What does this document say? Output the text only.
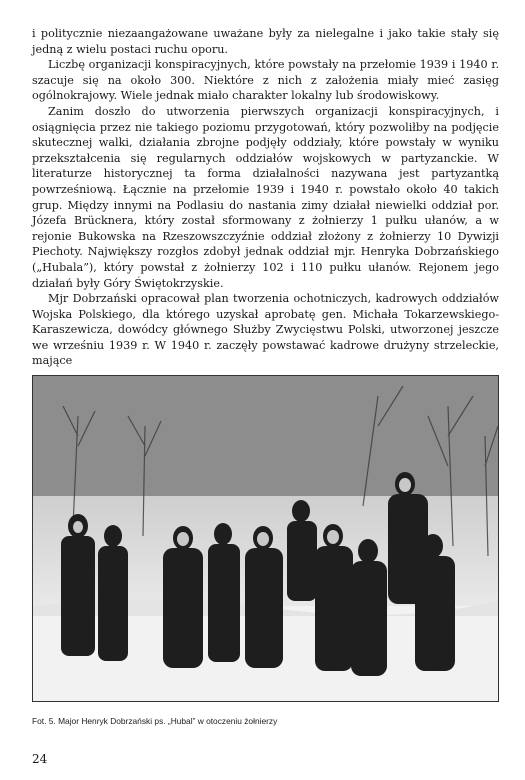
i politycznie niezaangażowane uważane były za nielegalne i jako takie stały się jedną z wielu postaci ruchu oporu.

Liczbę organizacji konspiracyjnych, które powstały na przełomie 1939 i 1940 r. szacuje się na około 300. Niektóre z nich z założenia miały mieć zasięg ogólnokrajowy. Wiele jednak miało charakter lokalny lub środowiskowy.

Zanim doszło do utworzenia pierwszych organizacji konspiracyjnych, i osiągnięcia przez nie takiego poziomu przygotowań, który pozwoliłby na podjęcie skutecznej walki, działania zbrojne podjęły oddziały, które powstały w wyniku przekształcenia się regularnych oddziałów wojskowych w partyzanckie. W literaturze historycznej ta forma działalności nazywana jest partyzantką powrześniową. Łącznie na przełomie 1939 i 1940 r. powstało około 40 takich grup. Między innymi na Podlasiu do nastania zimy działał niewielki oddział por. Józefa Brücknera, który został sformowany z żołnierzy 1 pułku ułanów, a w rejonie Bukowska na Rzeszowszczyźnie oddział złożony z żołnierzy 10 Dywizji Piechoty. Największy rozgłos zdobył jednak oddział mjr. Henryka Dobrzańskiego („Hubala”), który powstał z żołnierzy 102 i 110 pułku ułanów. Rejonem jego działań były Góry Świętokrzyskie.

Mjr Dobrzański opracował plan tworzenia ochotniczych, kadrowych oddziałów Wojska Polskiego, dla którego uzyskał aprobatę gen. Michała Tokarzewskiego-Karaszewicza, dowódcy głównego Służby Zwycięstwu Polski, utworzonej jeszcze we wrześniu 1939 r. W 1940 r. zaczęły powstawać kadrowe drużyny strzeleckie, mające

Fot. 5. Major Henryk Dobrzański ps. „Hubal” w otoczeniu żołnierzy
24
